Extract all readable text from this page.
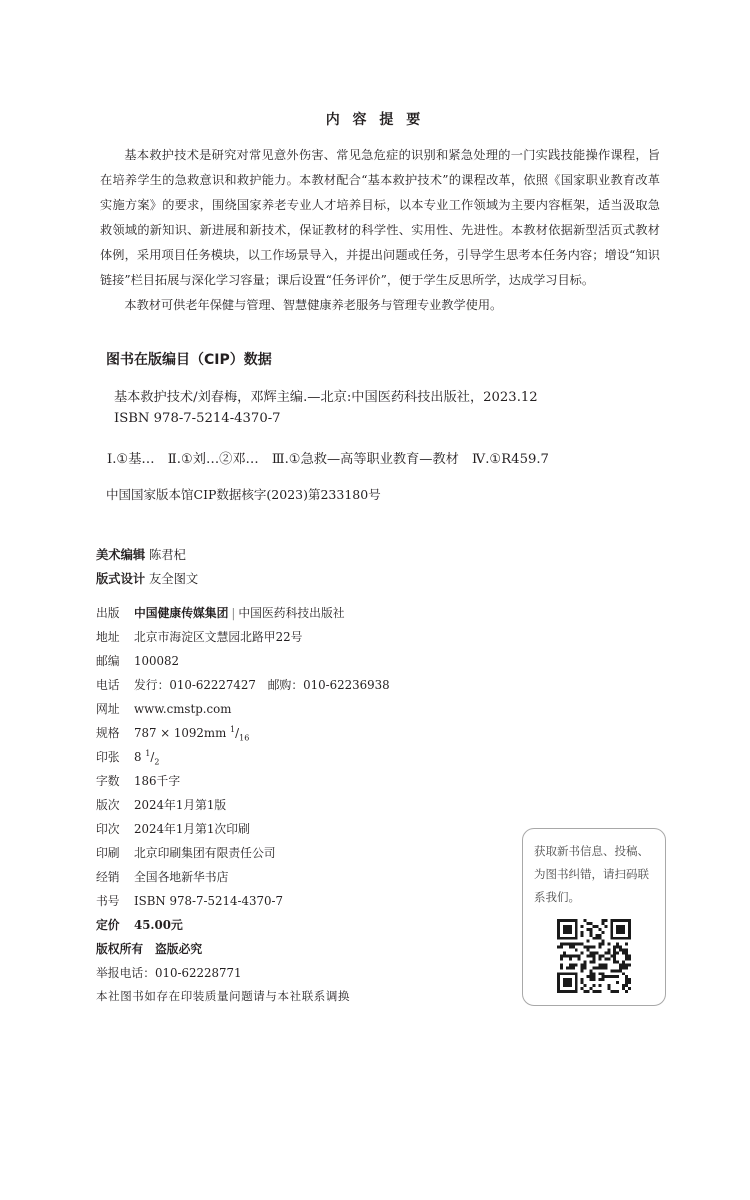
内 容 提 要

基本救护技术是研究对常见意外伤害、常见急危症的识别和紧急处理的一门实践技能操作课程，旨在培养学生的急救意识和救护能力。本教材配合“基本救护技术”的课程改革，依照《国家职业教育改革实施方案》的要求，围绕国家养老专业人才培养目标，以本专业工作领域为主要内容框架，适当汲取急救领域的新知识、新进展和新技术，保证教材的科学性、实用性、先进性。本教材依据新型活页式教材体例，采用项目任务模块，以工作场景导入，并提出问题或任务，引导学生思考本任务内容；增设“知识链接”栏目拓展与深化学习容量；课后设置“任务评价”，便于学生反思所学，达成学习目标。

本教材可供老年保健与管理、智慧健康养老服务与管理专业教学使用。

图书在版编目（CIP）数据
基本救护技术/刘春梅，邓辉主编.—北京:中国医药科技出版社，2023.12
ISBN 978-7-5214-4370-7
Ⅰ.①基…　Ⅱ.①刘…②邓…　Ⅲ.①急救—高等职业教育—教材　Ⅳ.①R459.7
中国国家版本馆CIP数据核字(2023)第233180号
美术编辑 陈君杞
版式设计 友全图文
出版 中国健康传媒集团 | 中国医药科技出版社
地址 北京市海淀区文慧园北路甲22号
邮编 100082
电话 发行：010-62227427　邮购：010-62236938
网址 www.cmstp.com
规格 787 × 1092mm $^1/_{16}$
印张 8 $^1/_2$
字数 186千字
版次 2024年1月第1版
印次 2024年1月第1次印刷
印刷 北京印刷集团有限责任公司
经销 全国各地新华书店
书号 ISBN 978-7-5214-4370-7
定价 45.00元
版权所有　盗版必究
举报电话：010-62228771
本社图书如存在印装质量问题请与本社联系调换
获取新书信息、投稿、为图书纠错，请扫码联系我们。
